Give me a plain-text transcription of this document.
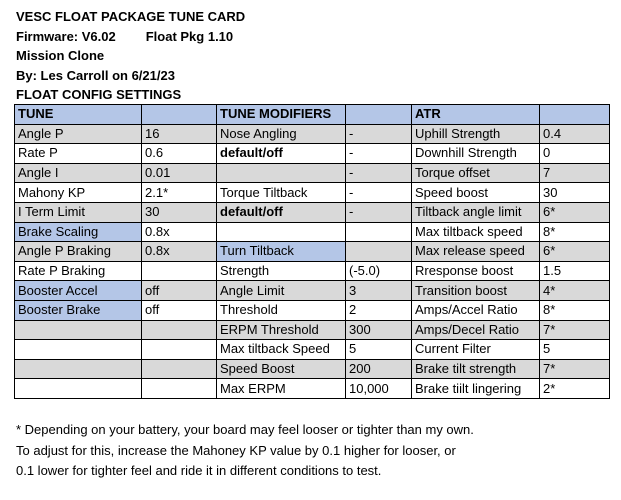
VESC FLOAT PACKAGE TUNE CARD
Firmware: V6.02 Float Pkg 1.10
Mission Clone
By: Les Carroll on 6/21/23
FLOAT CONFIG SETTINGS
TUNE		TUNE MODIFIERS		ATR	
Angle P	16	Nose Angling	-	Uphill Strength	0.4
Rate P	0.6	default/off	-	Downhill Strength	0
Angle I	0.01		-	Torque offset	7
Mahony KP	2.1*	Torque Tiltback	-	Speed boost	30
I Term Limit	30	default/off	-	Tiltback angle limit	6*
Brake Scaling	0.8x			Max tiltback speed	8*
Angle P Braking	0.8x	Turn Tiltback		Max release speed	6*
Rate P Braking		Strength	(-5.0)	Rresponse boost	1.5
Booster Accel	off	Angle Limit	3	Transition boost	4*
Booster Brake	off	Threshold	2	Amps/Accel Ratio	8*
		ERPM Threshold	300	Amps/Decel Ratio	7*
		Max tiltback Speed	5	Current Filter	5
		Speed Boost	200	Brake tilt strength	7*
		Max ERPM	10,000	Brake tiilt lingering	2*
* Depending on your battery, your board may feel looser or tighter than my own.
To adjust for this, increase the Mahoney KP value by 0.1 higher for looser, or
0.1 lower for tighter feel and ride it in different conditions to test.
